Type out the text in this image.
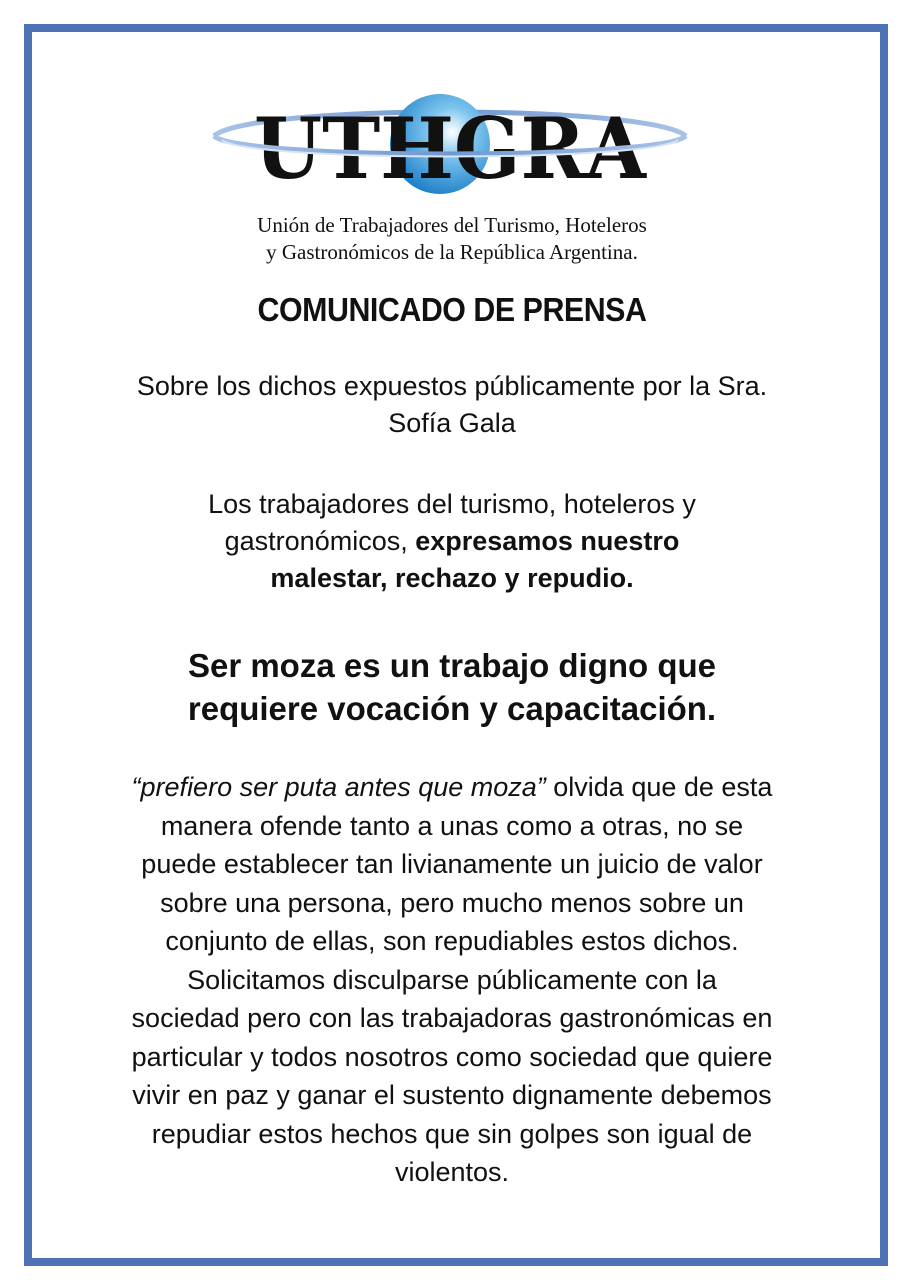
UTHGRA
Unión de Trabajadores del Turismo, Hoteleros
y Gastronómicos de la República Argentina.
COMUNICADO DE PRENSA
Sobre los dichos expuestos públicamente por la Sra.
Sofía Gala
Los trabajadores del turismo, hoteleros y
gastronómicos, expresamos nuestro
malestar, rechazo y repudio.
Ser moza es un trabajo digno que
requiere vocación y capacitación.
“prefiero ser puta antes que moza” olvida que de esta
manera ofende tanto a unas como a otras, no se
puede establecer tan livianamente un juicio de valor
sobre una persona, pero mucho menos sobre un
conjunto de ellas, son repudiables estos dichos.
Solicitamos disculparse públicamente con la
sociedad pero con las trabajadoras gastronómicas en
particular y todos nosotros como sociedad que quiere
vivir en paz y ganar el sustento dignamente debemos
repudiar estos hechos que sin golpes son igual de
violentos.
